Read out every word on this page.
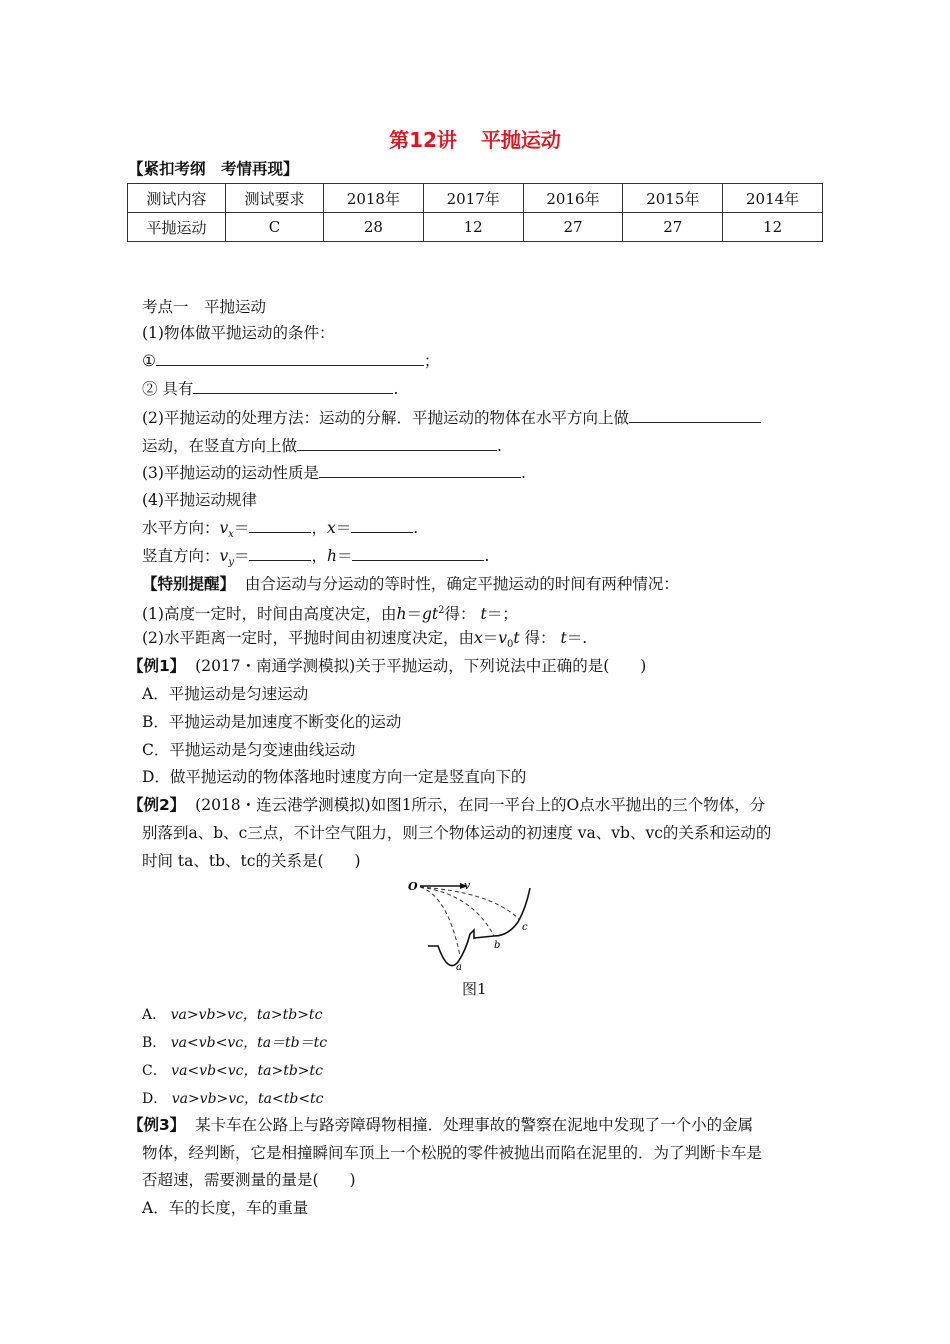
第12讲 平抛运动
【紧扣考纲　考情再现】
测试内容	测试要求	2018年	2017年	2016年	2015年	2014年
平抛运动	C	28	12	27	27	12
考点一　平抛运动
(1)物体做平抛运动的条件：
①	；
② 具有	.
(2)平抛运动的处理方法：运动的分解．平抛运动的物体在水平方向上做
运动，在竖直方向上做	.
(3)平抛运动的运动性质是	.
(4)平抛运动规律
水平方向：$v_x=$	，x＝	.
竖直方向：$v_y=$	，h＝	.
【特别提醒】 由合运动与分运动的等时性，确定平抛运动的时间有两种情况：
(1)高度一定时，时间由高度决定，由$h=gt^2$得： t＝；
(2)水平距离一定时，平抛时间由初速度决定，由$x=v_0t$ 得： t＝.
【例1】 (2017・南通学测模拟)关于平抛运动，下列说法中正确的是(　　)
A．平抛运动是匀速运动
B．平抛运动是加速度不断变化的运动
C．平抛运动是匀变速曲线运动
D．做平抛运动的物体落地时速度方向一定是竖直向下的
【例2】 (2018・连云港学测模拟)如图1所示，在同一平台上的O点水平抛出的三个物体，分
别落到a、b、c三点，不计空气阻力，则三个物体运动的初速度 va、vb、vc的关系和运动的
时间 ta、tb、tc的关系是(　　)
O	v
a
b
c
图1
A． va>vb>vc，ta>tb>tc
B． va<vb<vc，ta＝tb＝tc
C． va<vb<vc，ta>tb>tc
D． va>vb>vc，ta<tb<tc
【例3】 某卡车在公路上与路旁障碍物相撞．处理事故的警察在泥地中发现了一个小的金属
物体，经判断，它是相撞瞬间车顶上一个松脱的零件被抛出而陷在泥里的．为了判断卡车是
否超速，需要测量的量是(　　)
A．车的长度，车的重量
